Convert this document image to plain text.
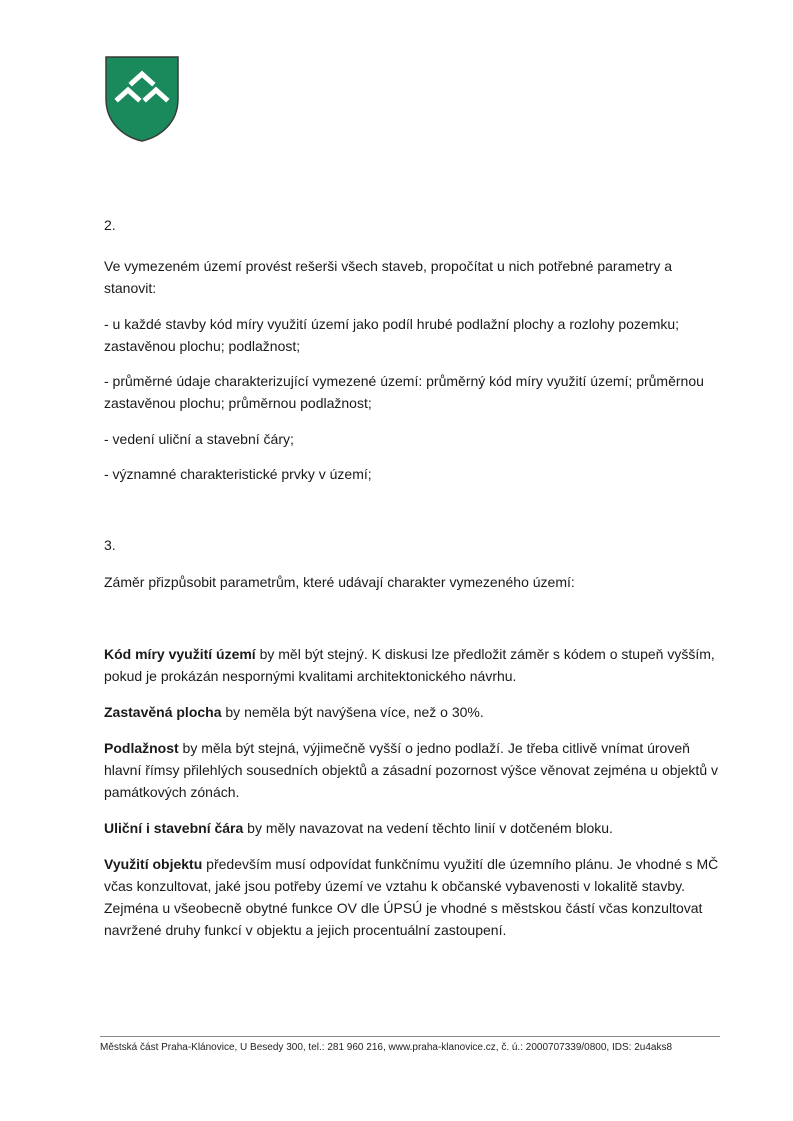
2.

Ve vymezeném území provést rešerši všech staveb, propočítat u nich potřebné parametry a stanovit:

- u každé stavby kód míry využití území jako podíl hrubé podlažní plochy a rozlohy pozemku; zastavěnou plochu; podlažnost;

- průměrné údaje charakterizující vymezené území: průměrný kód míry využití území; průměrnou zastavěnou plochu; průměrnou podlažnost;

- vedení uliční a stavební čáry;

- významné charakteristické prvky v území;

3.

Záměr přizpůsobit parametrům, které udávají charakter vymezeného území:

Kód míry využití území by měl být stejný. K diskusi lze předložit záměr s kódem o stupeň vyšším, pokud je prokázán nespornými kvalitami architektonického návrhu.

Zastavěná plocha by neměla být navýšena více, než o 30%.

Podlažnost by měla být stejná, výjimečně vyšší o jedno podlaží. Je třeba citlivě vnímat úroveň hlavní římsy přilehlých sousedních objektů a zásadní pozornost výšce věnovat zejména u objektů v památkových zónách.

Uliční i stavební čára by měly navazovat na vedení těchto linií v dotčeném bloku.

Využití objektu především musí odpovídat funkčnímu využití dle územního plánu. Je vhodné s MČ včas konzultovat, jaké jsou potřeby území ve vztahu k občanské vybavenosti v lokalitě stavby. Zejména u všeobecně obytné funkce OV dle ÚPSÚ je vhodné s městskou částí včas konzultovat navržené druhy funkcí v objektu a jejich procentuální zastoupení.

Městská část Praha-Klánovice, U Besedy 300, tel.: 281 960 216, www.praha-klanovice.cz, č. ú.: 2000707339/0800, IDS: 2u4aks8
